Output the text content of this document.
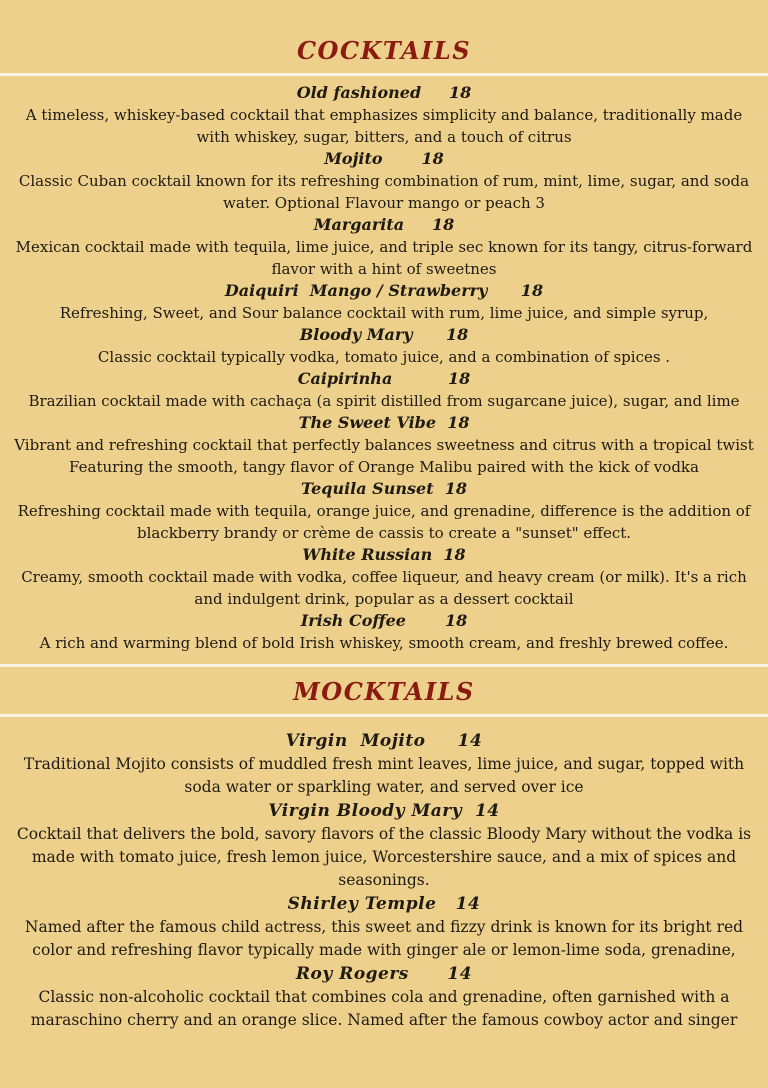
COCKTAILS
Old fashioned     18
A timeless, whiskey-based cocktail that emphasizes simplicity and balance, traditionally made with whiskey, sugar, bitters, and a touch of citrus
Mojito       18
Classic Cuban cocktail known for its refreshing combination of rum, mint, lime, sugar, and soda water. Optional Flavour mango or peach 3
Margarita     18
Mexican cocktail made with tequila, lime juice, and triple sec known for its tangy, citrus-forward flavor with a hint of sweetnes
Daiquiri  Mango / Strawberry      18
Refreshing, Sweet, and Sour balance cocktail with rum, lime juice, and simple syrup,
Bloody Mary      18
Classic cocktail typically vodka, tomato juice, and a combination of spices .
Caipirinha          18
Brazilian cocktail made with cachaça (a spirit distilled from sugarcane juice), sugar, and lime
The Sweet Vibe  18
Vibrant and refreshing cocktail that perfectly balances sweetness and citrus with a tropical twist Featuring the smooth, tangy flavor of Orange Malibu paired with the kick of vodka
Tequila Sunset  18
Refreshing cocktail made with tequila, orange juice, and grenadine, difference is the addition of blackberry brandy or crème de cassis to create a "sunset" effect.
White Russian  18
Creamy, smooth cocktail made with vodka, coffee liqueur, and heavy cream (or milk). It's a rich and indulgent drink, popular as a dessert cocktail
Irish Coffee       18
A rich and warming blend of bold Irish whiskey, smooth cream, and freshly brewed coffee.
MOCKTAILS
Virgin  Mojito     14
Traditional Mojito consists of muddled fresh mint leaves, lime juice, and sugar, topped with soda water or sparkling water, and served over ice
Virgin Bloody Mary  14
Cocktail that delivers the bold, savory flavors of the classic Bloody Mary without the vodka is made with tomato juice, fresh lemon juice, Worcestershire sauce, and a mix of spices and seasonings.
Shirley Temple   14
Named after the famous child actress, this sweet and fizzy drink is known for its bright red color and refreshing flavor typically made with ginger ale or lemon-lime soda, grenadine,
Roy Rogers      14
Classic non-alcoholic cocktail that combines cola and grenadine, often garnished with a maraschino cherry and an orange slice. Named after the famous cowboy actor and singer
